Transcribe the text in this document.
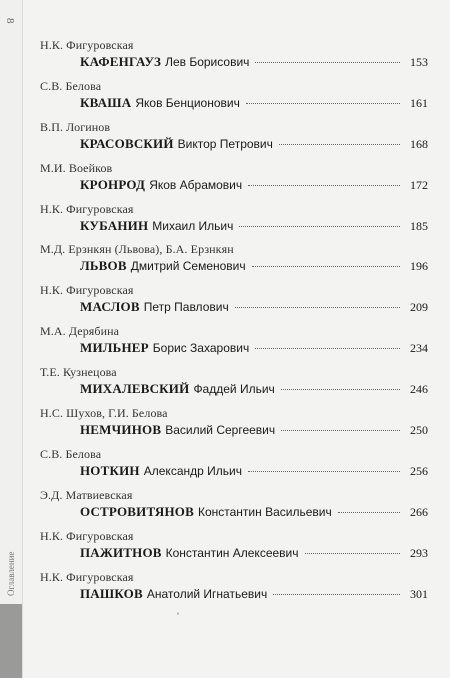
8
Оглавление
Н.К. Фигуровская
КАФЕНГАУЗ Лев Борисович	153
С.В. Белова
КВАША Яков Бенционович	161
В.П. Логинов
КРАСОВСКИЙ Виктор Петрович	168
М.И. Воейков
КРОНРОД Яков Абрамович	172
Н.К. Фигуровская
КУБАНИН Михаил Ильич	185
М.Д. Ерзнкян (Львова), Б.А. Ерзнкян
ЛЬВОВ Дмитрий Семенович	196
Н.К. Фигуровская
МАСЛОВ Петр Павлович	209
М.А. Дерябина
МИЛЬНЕР Борис Захарович	234
Т.Е. Кузнецова
МИХАЛЕВСКИЙ Фаддей Ильич	246
Н.С. Шухов, Г.И. Белова
НЕМЧИНОВ Василий Сергеевич	250
С.В. Белова
НОТКИН Александр Ильич	256
Э.Д. Матвиевская
ОСТРОВИТЯНОВ Константин Васильевич	266
Н.К. Фигуровская
ПАЖИТНОВ Константин Алексеевич	293
Н.К. Фигуровская
ПАШКОВ Анатолий Игнатьевич	301
ˌ
